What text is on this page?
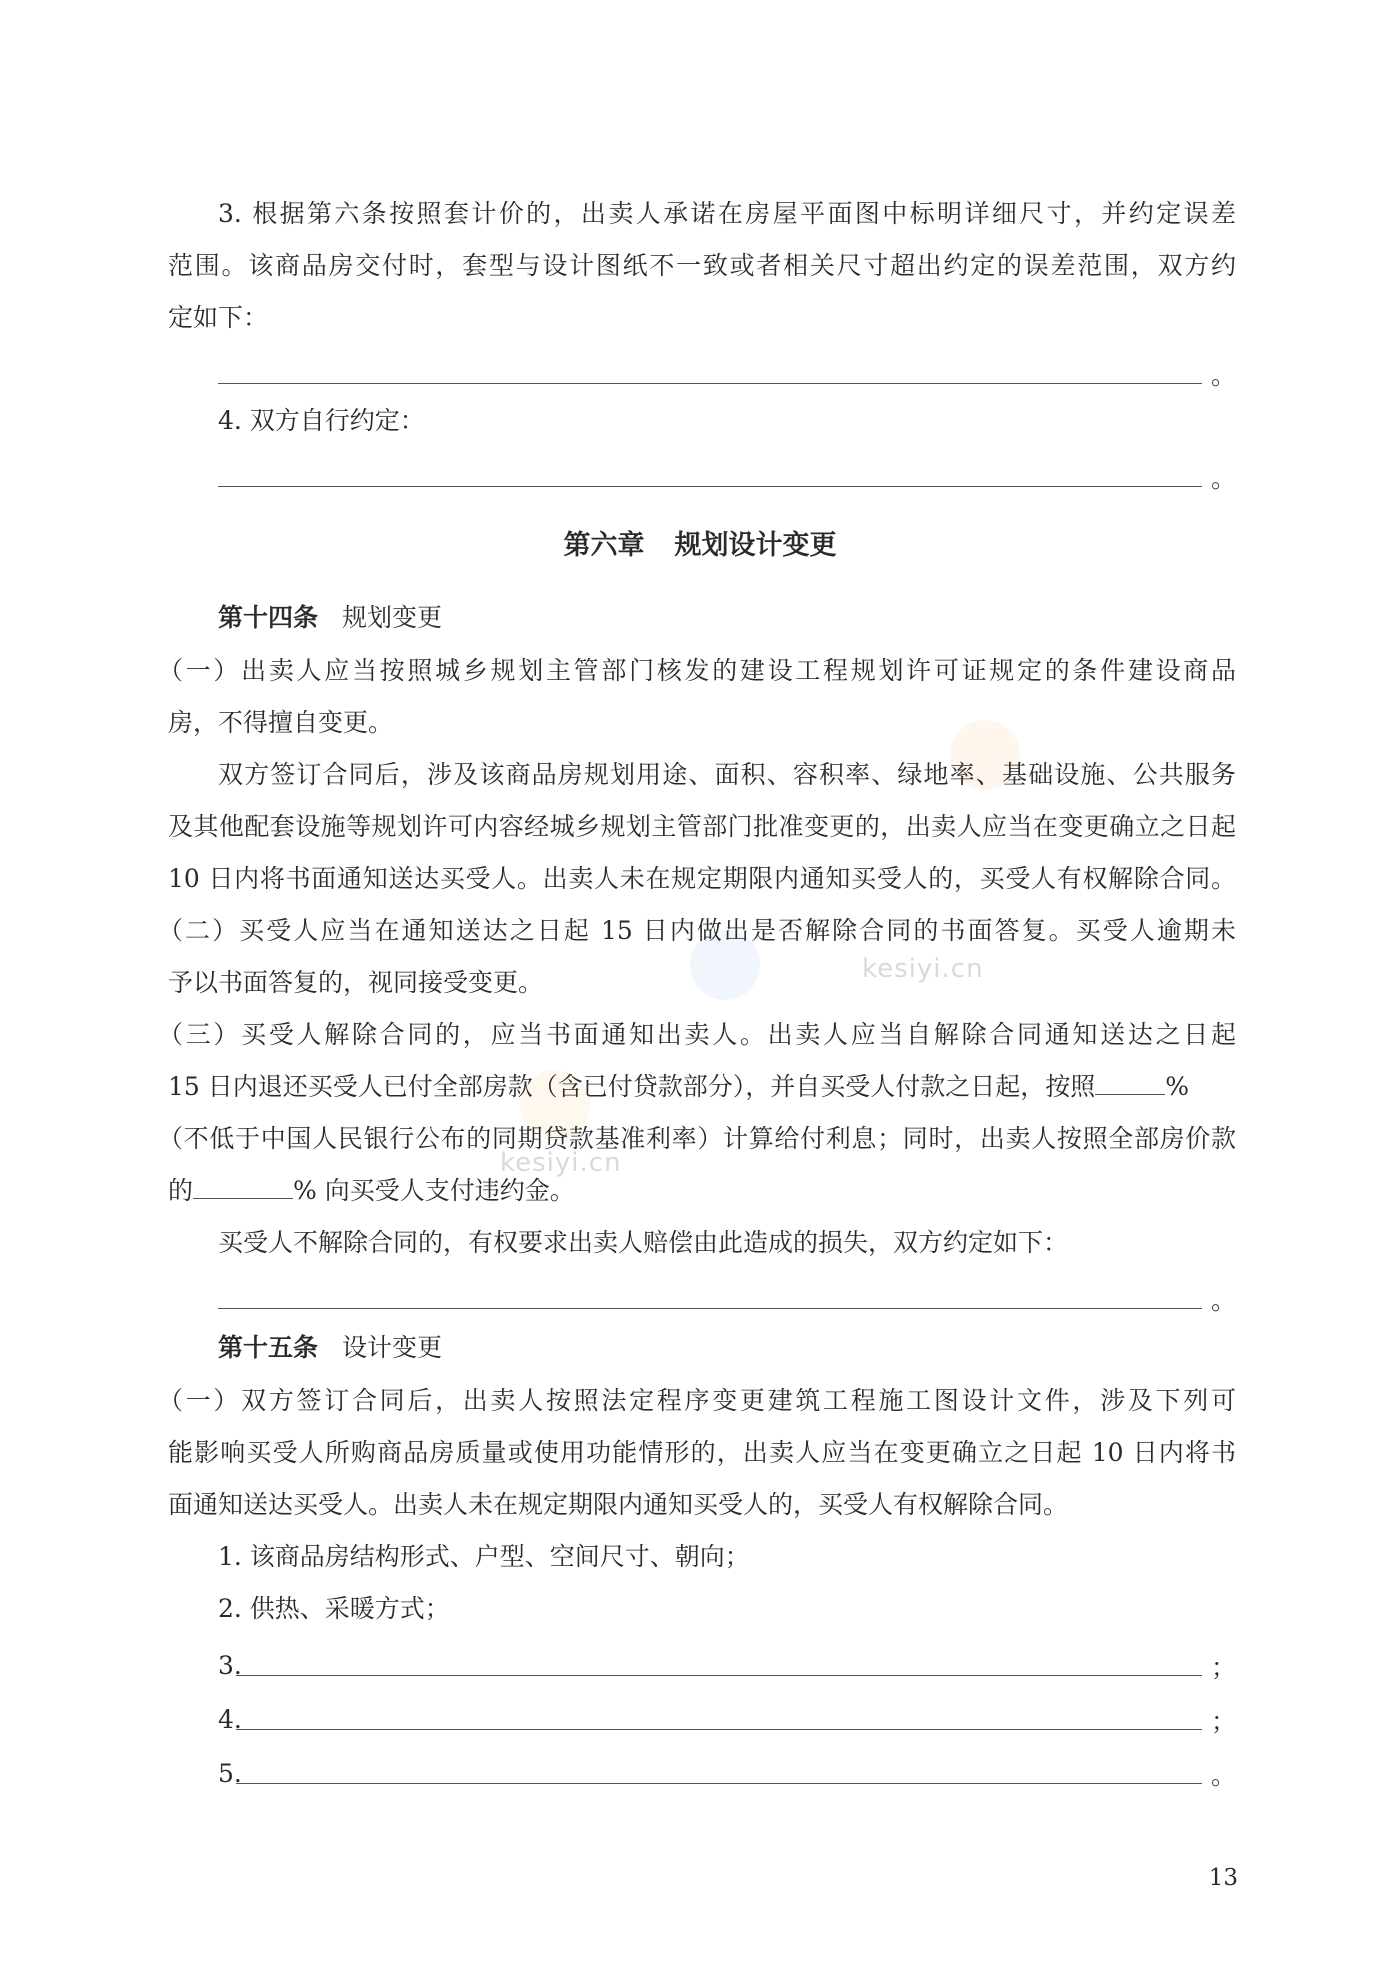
kesiyi.cn
kesiyi.cn
3. 根据第六条按照套计价的，出卖人承诺在房屋平面图中标明详细尺寸，并约定误差
范围。该商品房交付时，套型与设计图纸不一致或者相关尺寸超出约定的误差范围，双方约
定如下：
。
4. 双方自行约定：
。
第六章 规划设计变更
第十四条 规划变更
（一）出卖人应当按照城乡规划主管部门核发的建设工程规划许可证规定的条件建设商品
房，不得擅自变更。
双方签订合同后，涉及该商品房规划用途、面积、容积率、绿地率、基础设施、公共服务
及其他配套设施等规划许可内容经城乡规划主管部门批准变更的，出卖人应当在变更确立之日起
10 日内将书面通知送达买受人。出卖人未在规定期限内通知买受人的，买受人有权解除合同。
（二）买受人应当在通知送达之日起 15 日内做出是否解除合同的书面答复。买受人逾期未
予以书面答复的，视同接受变更。
（三）买受人解除合同的，应当书面通知出卖人。出卖人应当自解除合同通知送达之日起
15 日内退还买受人已付全部房款（含已付贷款部分），并自买受人付款之日起，按照	%
（不低于中国人民银行公布的同期贷款基准利率）计算给付利息；同时，出卖人按照全部房价款
的	% 向买受人支付违约金。
买受人不解除合同的，有权要求出卖人赔偿由此造成的损失，双方约定如下：
。
第十五条 设计变更
（一）双方签订合同后，出卖人按照法定程序变更建筑工程施工图设计文件，涉及下列可
能影响买受人所购商品房质量或使用功能情形的，出卖人应当在变更确立之日起 10 日内将书
面通知送达买受人。出卖人未在规定期限内通知买受人的，买受人有权解除合同。
1. 该商品房结构形式、户型、空间尺寸、朝向；
2. 供热、采暖方式；
3.	；
4.	；
5.	。
13
